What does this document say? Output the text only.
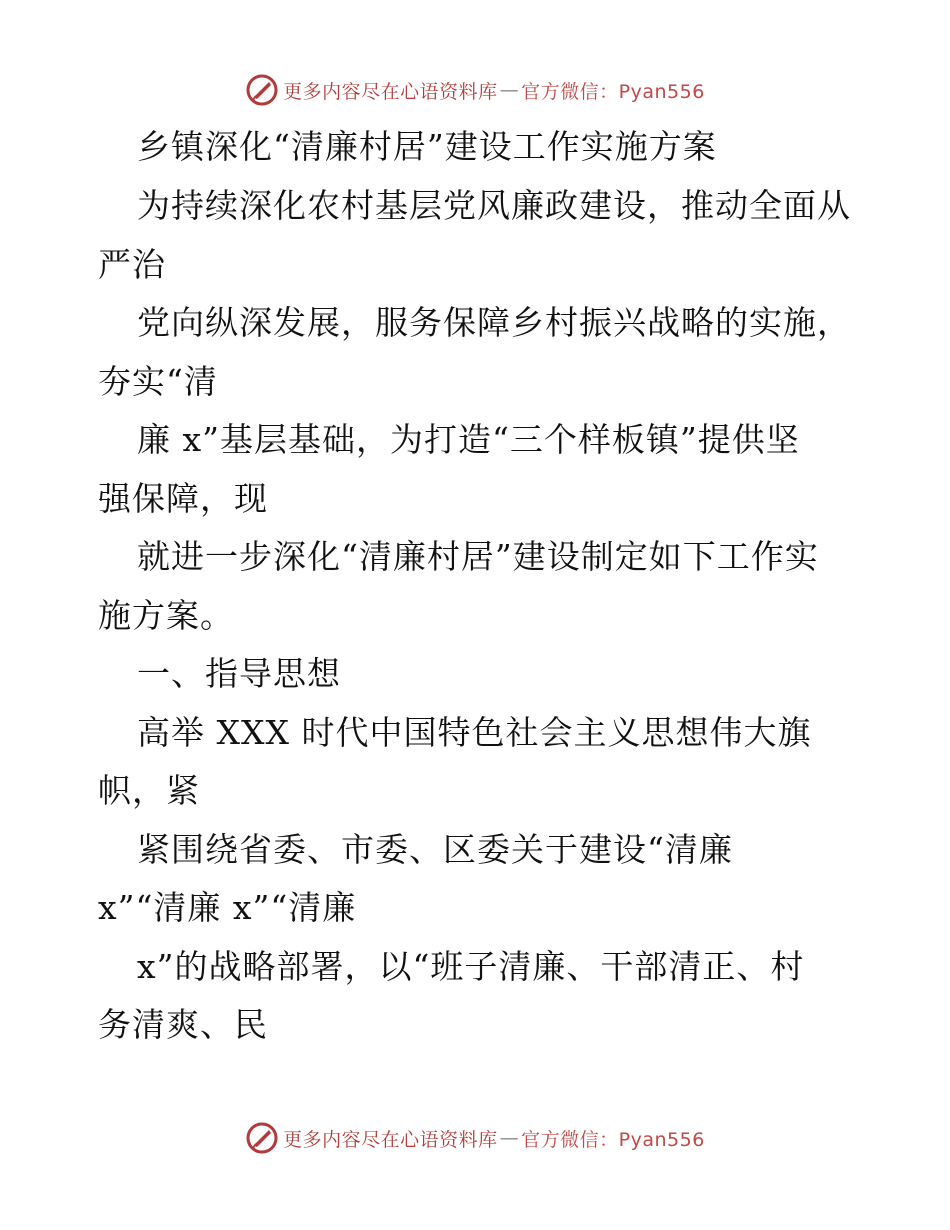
更多内容尽在心语资料库 — 官方微信：Pyan556
乡镇深化“清廉村居”建设工作实施方案
为持续深化农村基层党风廉政建设，推动全面从
严治
党向纵深发展，服务保障乡村振兴战略的实施，
夯实“清
廉 x”基层基础，为打造“三个样板镇”提供坚
强保障，现
就进一步深化“清廉村居”建设制定如下工作实
施方案。
一、指导思想
高举 XXX 时代中国特色社会主义思想伟大旗
帜，紧
紧围绕省委、市委、区委关于建设“清廉
x”“清廉 x”“清廉
x”的战略部署，以“班子清廉、干部清正、村
务清爽、民
更多内容尽在心语资料库 — 官方微信：Pyan556
